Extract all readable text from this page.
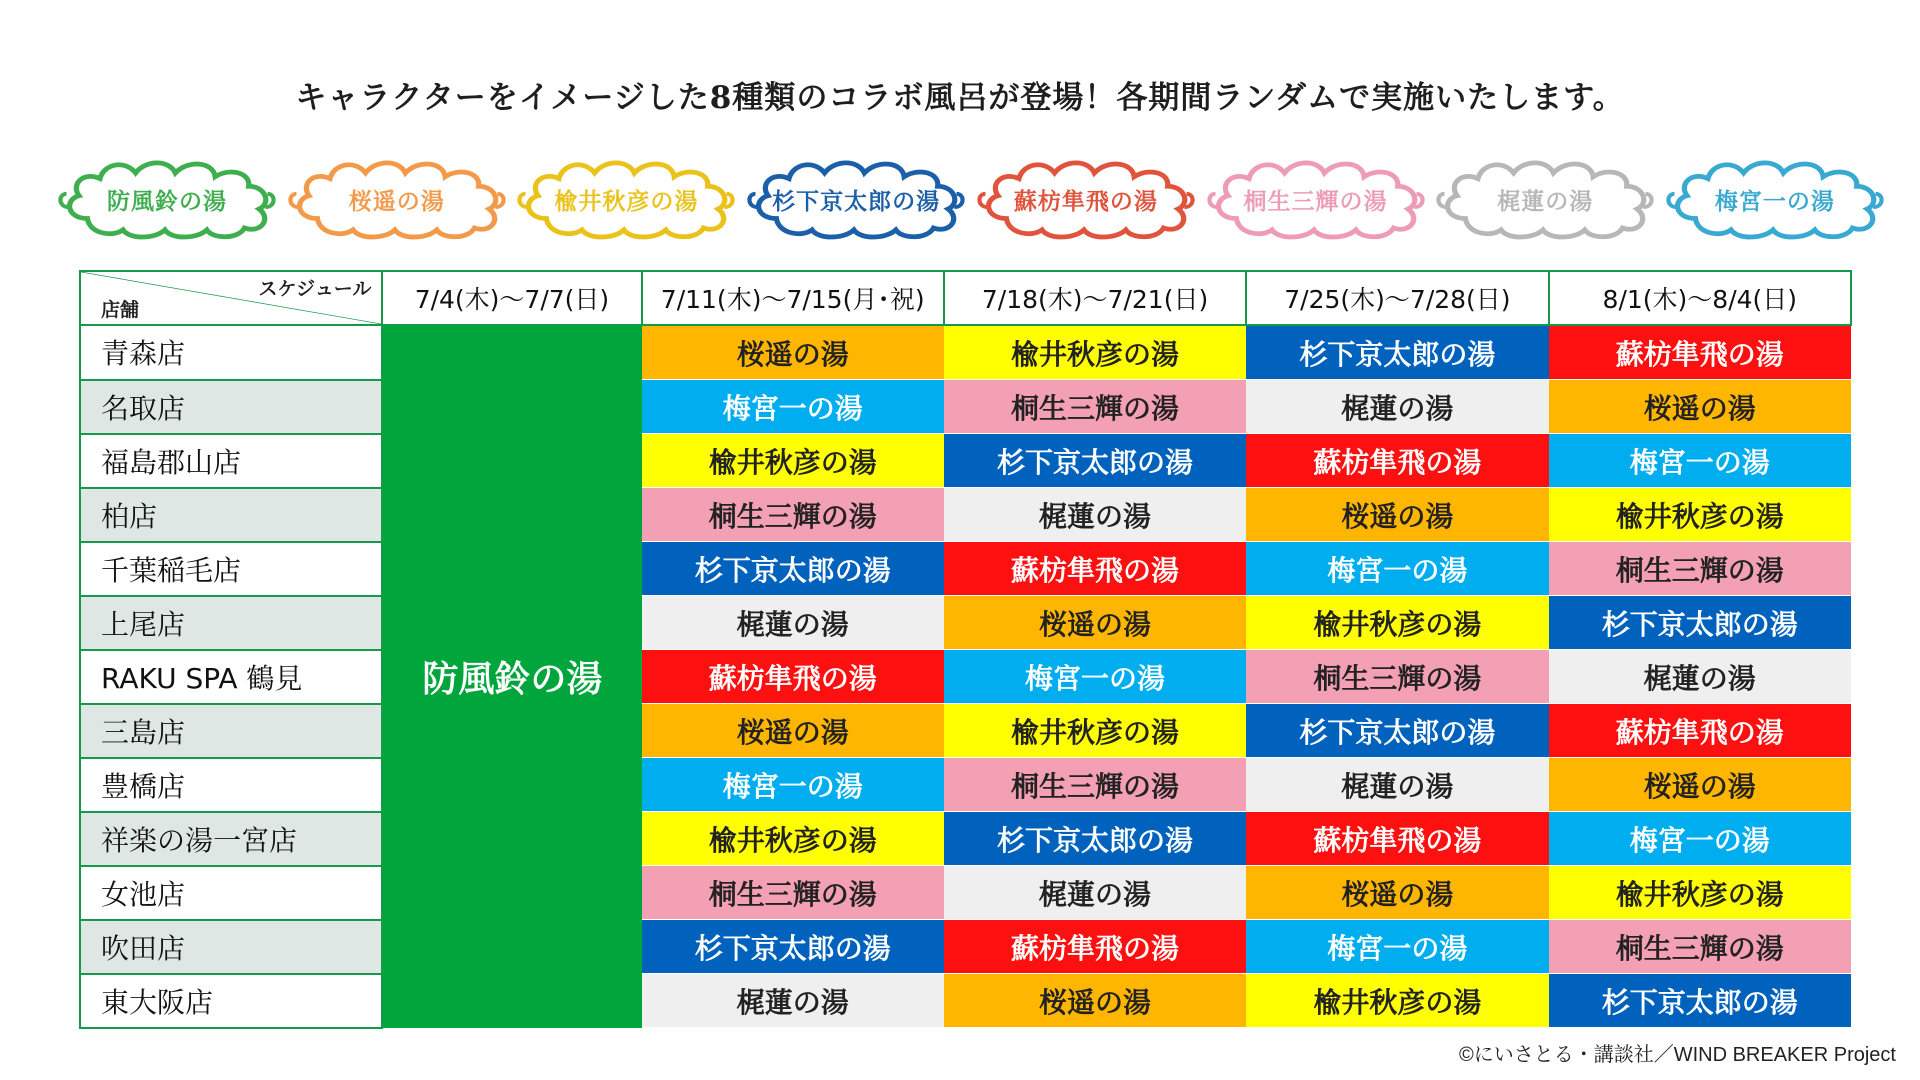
キャラクターをイメージした8種類のコラボ風呂が登場！各期間ランダムで実施いたします。
防風鈴の湯	桜遥の湯	楡井秋彦の湯	杉下京太郎の湯	蘇枋隼飛の湯	桐生三輝の湯	梶蓮の湯	梅宮一の湯
スケジュール
店舗	7/4(木)〜7/7(日)	7/11(木)〜7/15(月･祝)	7/18(木)〜7/21(日)	7/25(木)〜7/28(日)	8/1(木)〜8/4(日)
青森店	防風鈴の湯	桜遥の湯	楡井秋彦の湯	杉下京太郎の湯	蘇枋隼飛の湯
名取店		梅宮一の湯	桐生三輝の湯	梶蓮の湯	桜遥の湯
福島郡山店		楡井秋彦の湯	杉下京太郎の湯	蘇枋隼飛の湯	梅宮一の湯
柏店		桐生三輝の湯	梶蓮の湯	桜遥の湯	楡井秋彦の湯
千葉稲毛店		杉下京太郎の湯	蘇枋隼飛の湯	梅宮一の湯	桐生三輝の湯
上尾店		梶蓮の湯	桜遥の湯	楡井秋彦の湯	杉下京太郎の湯
RAKU SPA 鶴見		蘇枋隼飛の湯	梅宮一の湯	桐生三輝の湯	梶蓮の湯
三島店		桜遥の湯	楡井秋彦の湯	杉下京太郎の湯	蘇枋隼飛の湯
豊橋店		梅宮一の湯	桐生三輝の湯	梶蓮の湯	桜遥の湯
祥楽の湯一宮店		楡井秋彦の湯	杉下京太郎の湯	蘇枋隼飛の湯	梅宮一の湯
女池店		桐生三輝の湯	梶蓮の湯	桜遥の湯	楡井秋彦の湯
吹田店		杉下京太郎の湯	蘇枋隼飛の湯	梅宮一の湯	桐生三輝の湯
東大阪店		梶蓮の湯	桜遥の湯	楡井秋彦の湯	杉下京太郎の湯
©にいさとる・講談社／WIND BREAKER Project
